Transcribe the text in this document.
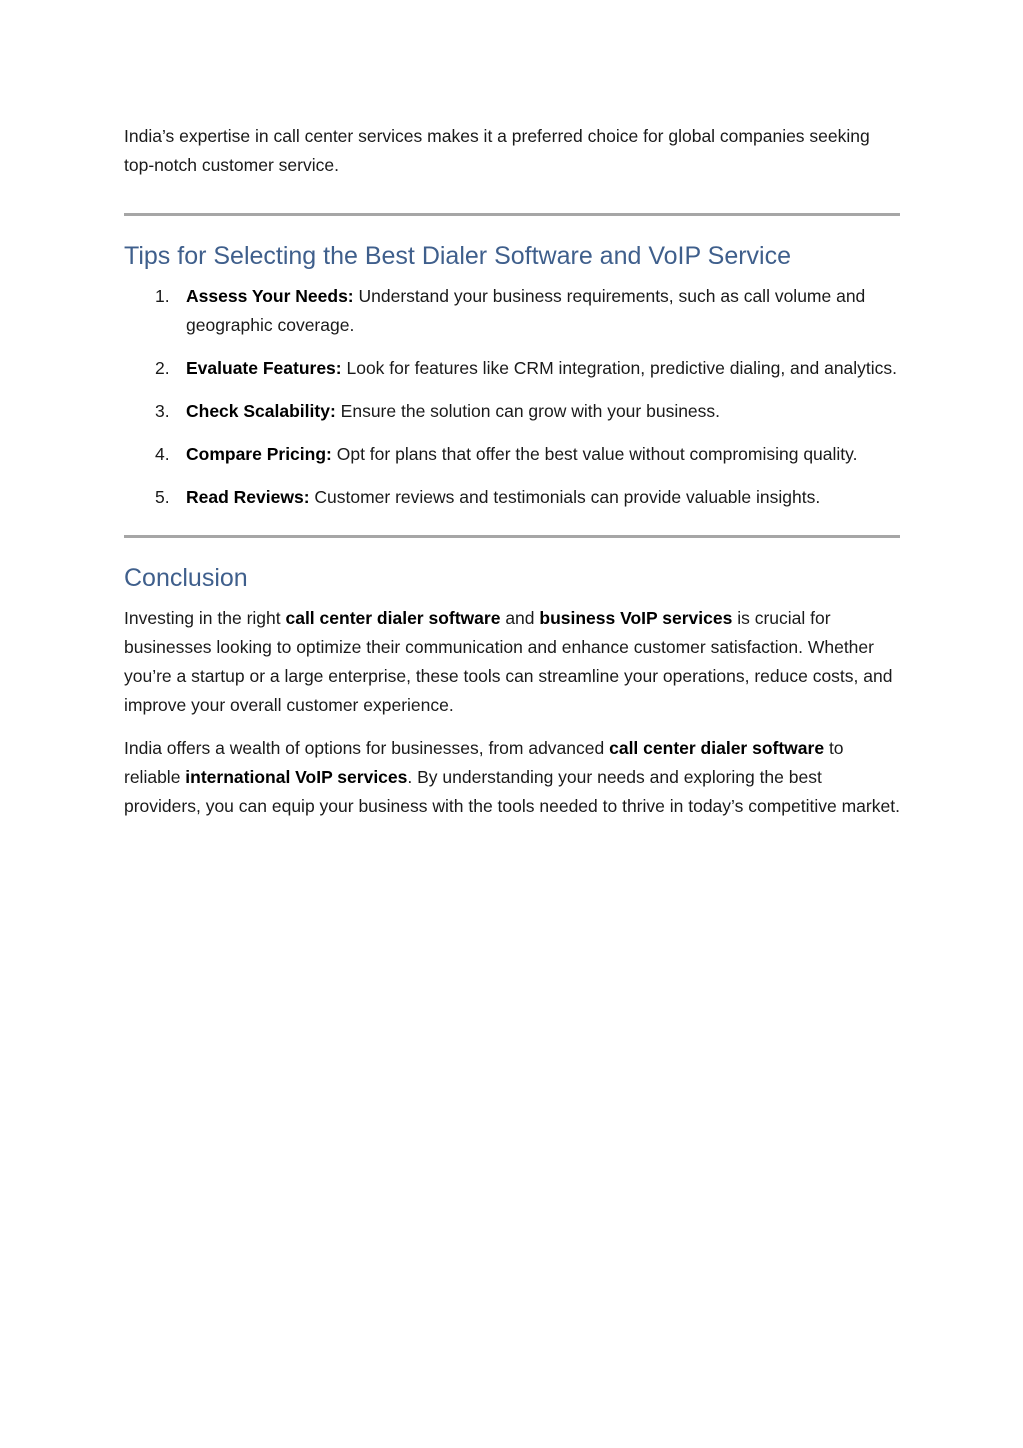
India’s expertise in call center services makes it a preferred choice for global companies seeking top-notch customer service.

Tips for Selecting the Best Dialer Software and VoIP Service
1. Assess Your Needs: Understand your business requirements, such as call volume and geographic coverage.
2. Evaluate Features: Look for features like CRM integration, predictive dialing, and analytics.
3. Check Scalability: Ensure the solution can grow with your business.
4. Compare Pricing: Opt for plans that offer the best value without compromising quality.
5. Read Reviews: Customer reviews and testimonials can provide valuable insights.
Conclusion

Investing in the right call center dialer software and business VoIP services is crucial for businesses looking to optimize their communication and enhance customer satisfaction. Whether you’re a startup or a large enterprise, these tools can streamline your operations, reduce costs, and improve your overall customer experience.

India offers a wealth of options for businesses, from advanced call center dialer software to reliable international VoIP services. By understanding your needs and exploring the best providers, you can equip your business with the tools needed to thrive in today’s competitive market.
